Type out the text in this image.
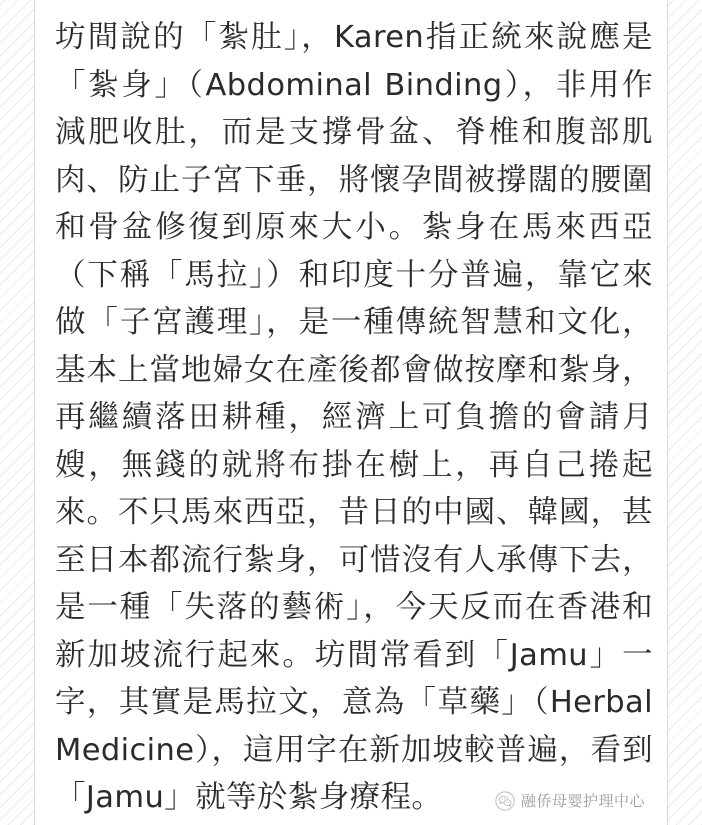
坊間說的「紮肚」，Karen指正統來說應是「紮身」（Abdominal Binding），非用作減肥收肚，而是支撐骨盆、脊椎和腹部肌肉、防止子宮下垂，將懷孕間被撐闊的腰圍和骨盆修復到原來大小。紮身在馬來西亞（下稱「馬拉」）和印度十分普遍，靠它來做「子宮護理」，是一種傳統智慧和文化，基本上當地婦女在產後都會做按摩和紮身，再繼續落田耕種，經濟上可負擔的會請月嫂，無錢的就將布掛在樹上，再自己捲起來。不只馬來西亞，昔日的中國、韓國，甚至日本都流行紮身，可惜沒有人承傳下去，是一種「失落的藝術」，今天反而在香港和新加坡流行起來。坊間常看到「Jamu」一字，其實是馬拉文，意為「草藥」（Herbal Medicine），這用字在新加坡較普遍，看到「Jamu」就等於紮身療程。	融侨母婴护理中心
